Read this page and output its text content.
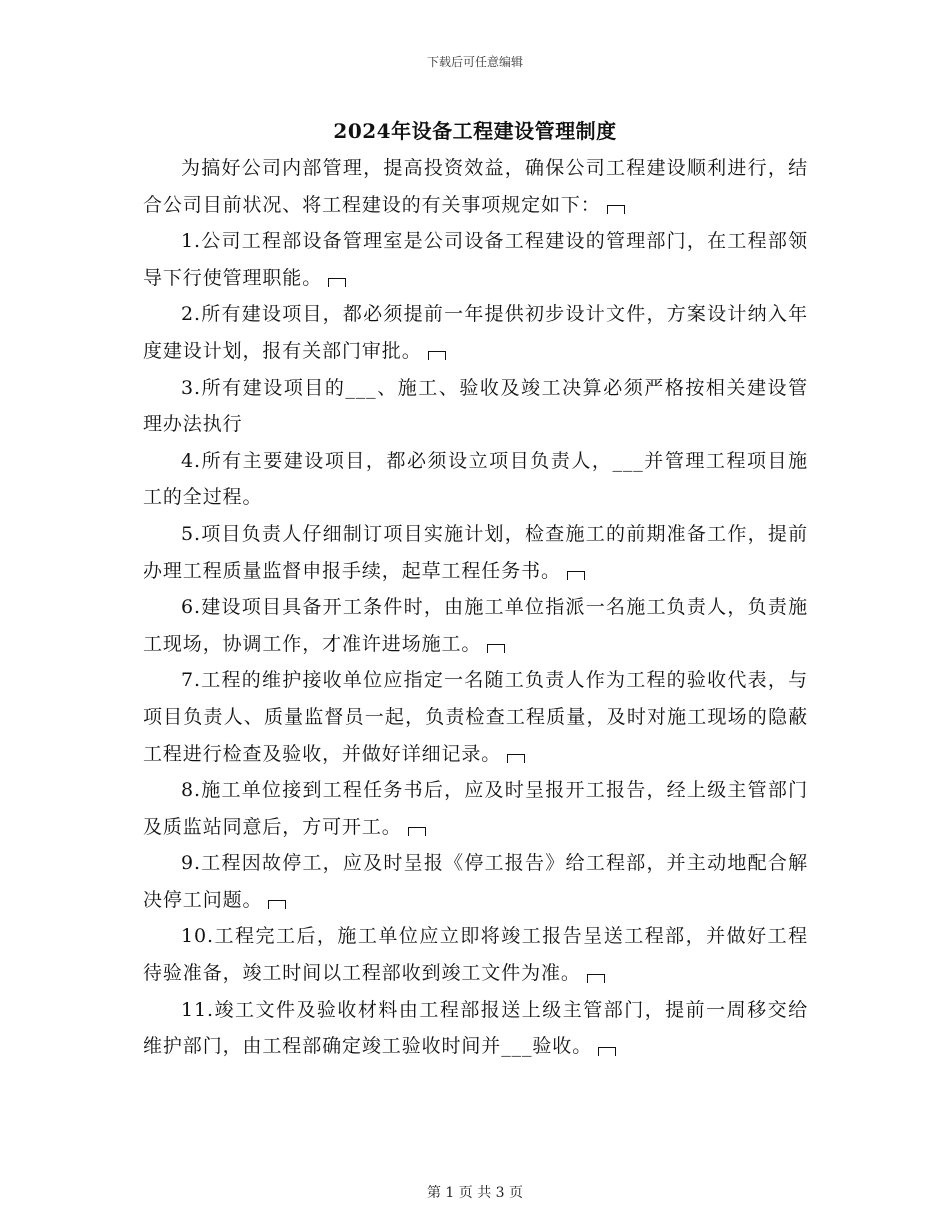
下载后可任意编辑
2024年设备工程建设管理制度

为搞好公司内部管理，提高投资效益，确保公司工程建设顺利进行，结合公司目前状况、将工程建设的有关事项规定如下：

1.公司工程部设备管理室是公司设备工程建设的管理部门，在工程部领导下行使管理职能。

2.所有建设项目，都必须提前一年提供初步设计文件，方案设计纳入年度建设计划，报有关部门审批。

3.所有建设项目的___、施工、验收及竣工决算必须严格按相关建设管理办法执行

4.所有主要建设项目，都必须设立项目负责人，___并管理工程项目施工的全过程。

5.项目负责人仔细制订项目实施计划，检查施工的前期准备工作，提前办理工程质量监督申报手续，起草工程任务书。

6.建设项目具备开工条件时，由施工单位指派一名施工负责人，负责施工现场，协调工作，才准许进场施工。

7.工程的维护接收单位应指定一名随工负责人作为工程的验收代表，与项目负责人、质量监督员一起，负责检查工程质量，及时对施工现场的隐蔽工程进行检查及验收，并做好详细记录。

8.施工单位接到工程任务书后，应及时呈报开工报告，经上级主管部门及质监站同意后，方可开工。

9.工程因故停工，应及时呈报《停工报告》给工程部，并主动地配合解决停工问题。

10.工程完工后，施工单位应立即将竣工报告呈送工程部，并做好工程待验准备，竣工时间以工程部收到竣工文件为准。

11.竣工文件及验收材料由工程部报送上级主管部门，提前一周移交给维护部门，由工程部确定竣工验收时间并___验收。

第 1 页 共 3 页
